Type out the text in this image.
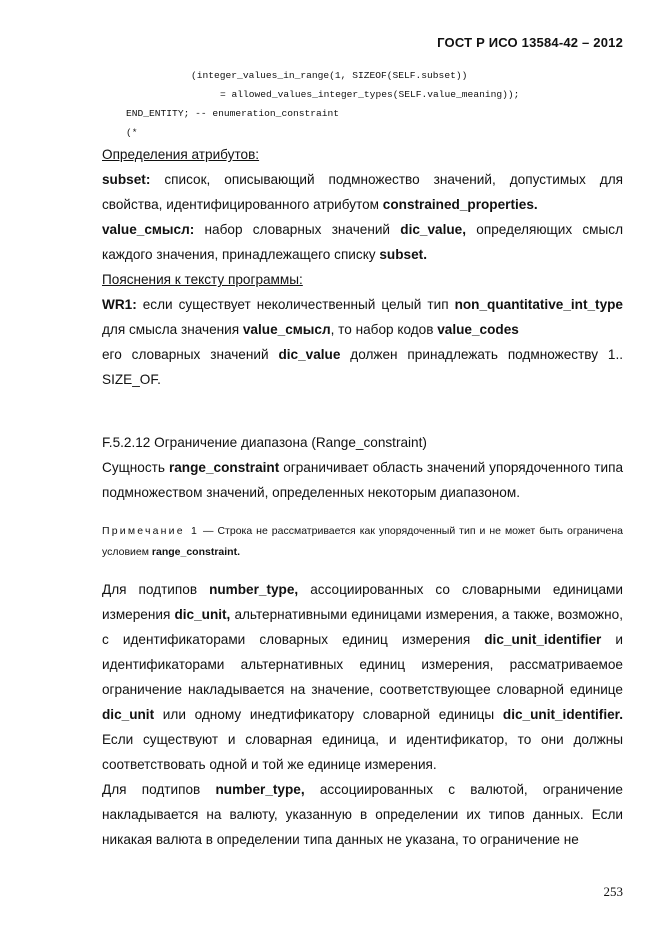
ГОСТ Р ИСО 13584-42 – 2012
(integer_values_in_range(1, SIZEOF(SELF.subset))
= allowed_values_integer_types(SELF.value_meaning));
END_ENTITY; -- enumeration_constraint
(*
Определения атрибутов:
subset: список, описывающий подмножество значений, допустимых для свойства, идентифицированного атрибутом constrained_properties.
value_смысл: набор словарных значений dic_value, определяющих смысл каждого значения, принадлежащего списку subset.
Пояснения к тексту программы:
WR1: если существует неколичественный целый тип non_quantitative_int_type для смысла значения value_смысл, то набор кодов value_codes
его словарных значений dic_value должен принадлежать подмножеству 1.. SIZE_OF.
F.5.2.12 Ограничение диапазона (Range_constraint)
Сущность range_constraint ограничивает область значений упорядоченного типа подмножеством значений, определенных некоторым диапазоном.
Примечание 1 — Строка не рассматривается как упорядоченный тип и не может быть ограничена условием range_constraint.
Для подтипов number_type, ассоциированных со словарными единицами измерения dic_unit, альтернативными единицами измерения, а также, возможно, с идентификаторами словарных единиц измерения dic_unit_identifier и идентификаторами альтернативных единиц измерения, рассматриваемое ограничение накладывается на значение, соответствующее словарной единице dic_unit или одному инедтификатору словарной единицы dic_unit_identifier. Если существуют и словарная единица, и идентификатор, то они должны соответствовать одной и той же единице измерения.
Для подтипов number_type, ассоциированных с валютой, ограничение накладывается на валюту, указанную в определении их типов данных. Если никакая валюта в определении типа данных не указана, то ограничение не
253
